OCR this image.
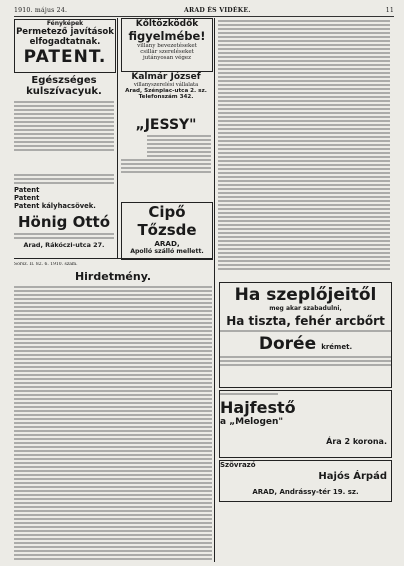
1910. május 24.	ARAD ÉS VIDÉKE.	11
Fényképek
Permetező javítások
elfogadtatnak.
PATENT.
Egészséges
kulszívacyuk.
Patent
Patent
Patent kályhacsövek.
Hönig Ottó
Arad, Rákóczi-utca 27.
Kőltözködők
figyelmébe!
villany bevezetéseket
csillár szereléseket
jutányosan végez
Kalmár József
villanyszerelési vállalata
Arad, Szénpiac-utca 2. sz.
Telefonszám 342.
„JESSY"
Cipő Tőzsde
ARAD,
Apolló szálló mellett.
Sorsz. II. 82. 6. 1910. szám.
Hirdetmény.
Ha szeplőjeitől
meg akar szabadulni,
Ha tiszta, fehér arcbőrt
Dorée krémet.
Hajfestő
a „Melogen"
Ára 2 korona.
Szövrazó
Hajós Árpád
ARAD, Andrássy-tér 19. sz.
